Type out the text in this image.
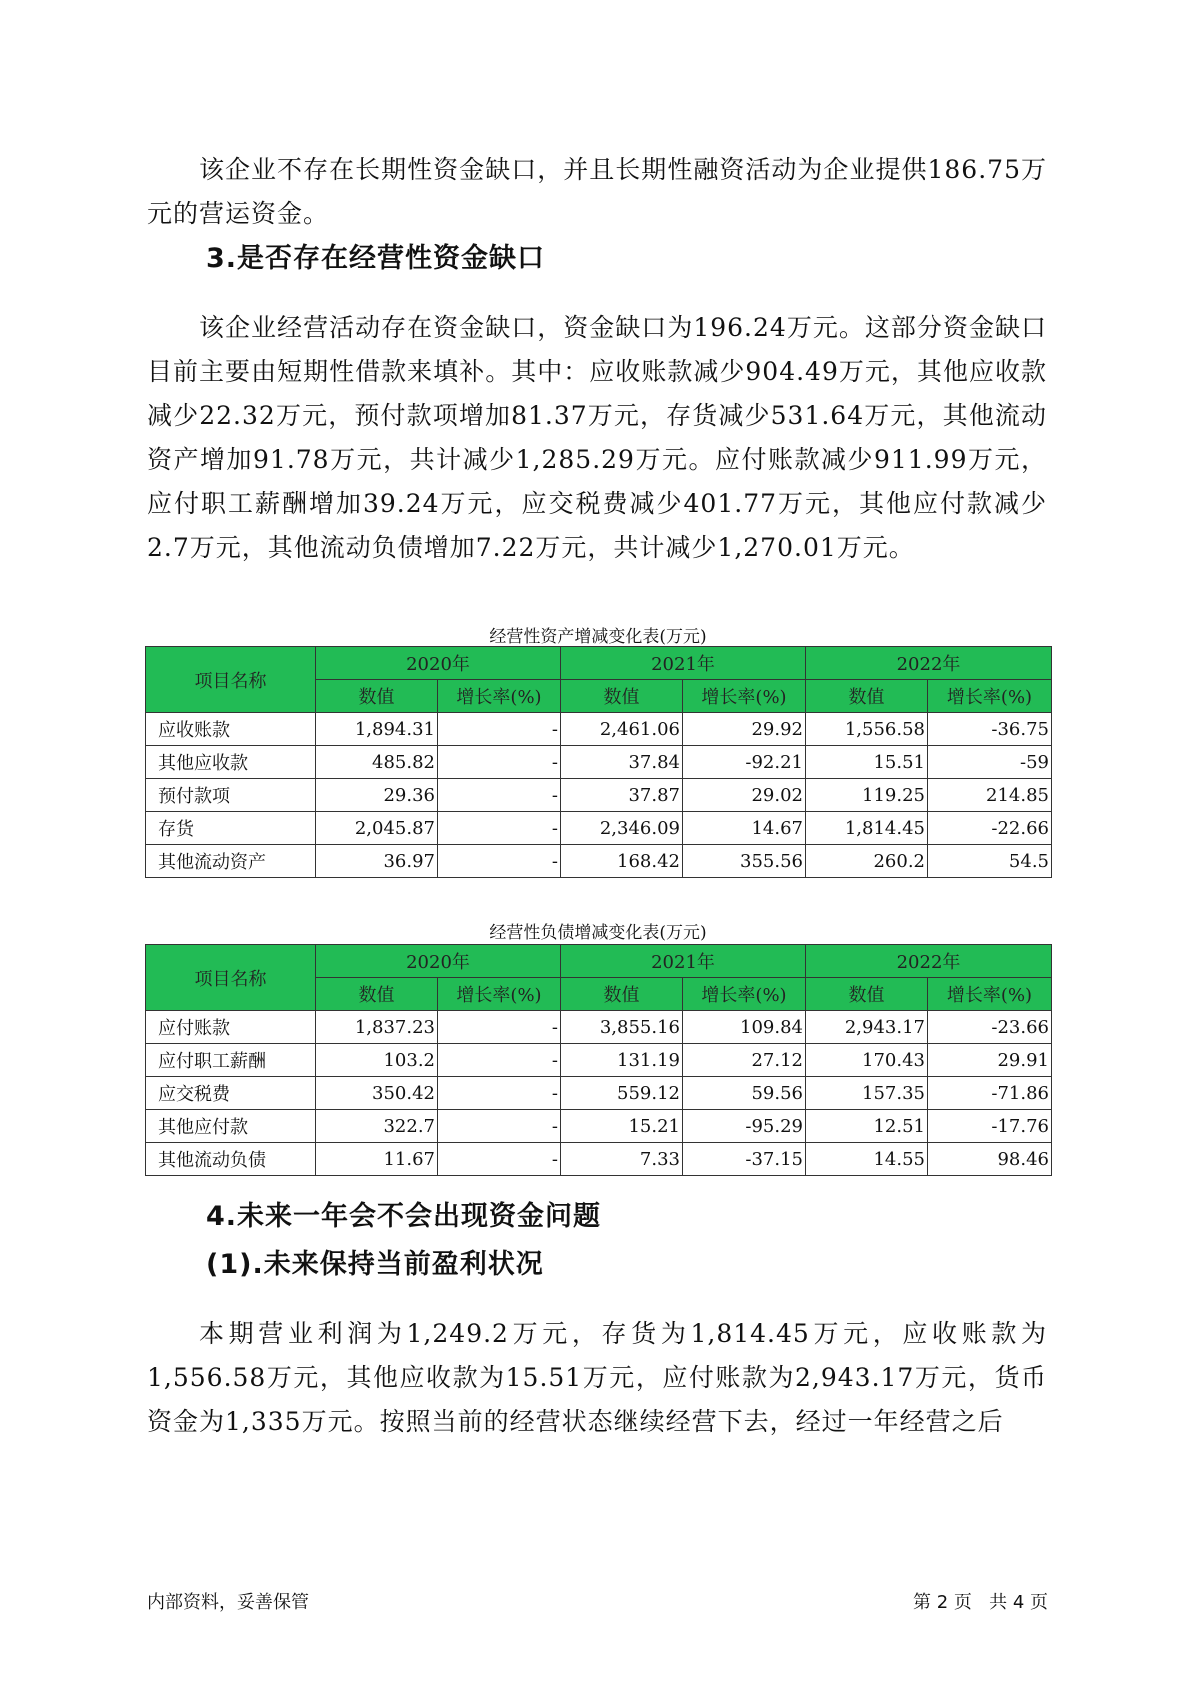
该企业不存在长期性资金缺口，并且长期性融资活动为企业提供186.75万元的营运资金。

3.是否存在经营性资金缺口

该企业经营活动存在资金缺口，资金缺口为196.24万元。这部分资金缺口目前主要由短期性借款来填补。其中：应收账款减少904.49万元，其他应收款减少22.32万元，预付款项增加81.37万元，存货减少531.64万元，其他流动资产增加91.78万元，共计减少1,285.29万元。应付账款减少911.99万元，应付职工薪酬增加39.24万元，应交税费减少401.77万元，其他应付款减少2.7万元，其他流动负债增加7.22万元，共计减少1,270.01万元。

经营性资产增减变化表(万元)
项目名称	2020年		2021年		2022年	
	数值	增长率(%)	数值	增长率(%)	数值	增长率(%)
应收账款	1,894.31	-	2,461.06	29.92	1,556.58	-36.75
其他应收款	485.82	-	37.84	-92.21	15.51	-59
预付款项	29.36	-	37.87	29.02	119.25	214.85
存货	2,045.87	-	2,346.09	14.67	1,814.45	-22.66
其他流动资产	36.97	-	168.42	355.56	260.2	54.5
经营性负债增减变化表(万元)
项目名称	2020年		2021年		2022年	
	数值	增长率(%)	数值	增长率(%)	数值	增长率(%)
应付账款	1,837.23	-	3,855.16	109.84	2,943.17	-23.66
应付职工薪酬	103.2	-	131.19	27.12	170.43	29.91
应交税费	350.42	-	559.12	59.56	157.35	-71.86
其他应付款	322.7	-	15.21	-95.29	12.51	-17.76
其他流动负债	11.67	-	7.33	-37.15	14.55	98.46
4.未来一年会不会出现资金问题
(1).未来保持当前盈利状况

本期营业利润为1,249.2万元，存货为1,814.45万元，应收账款为1,556.58万元，其他应收款为15.51万元，应付账款为2,943.17万元，货币资金为1,335万元。按照当前的经营状态继续经营下去，经过一年经营之后

内部资料，妥善保管	第 2 页   共 4 页
